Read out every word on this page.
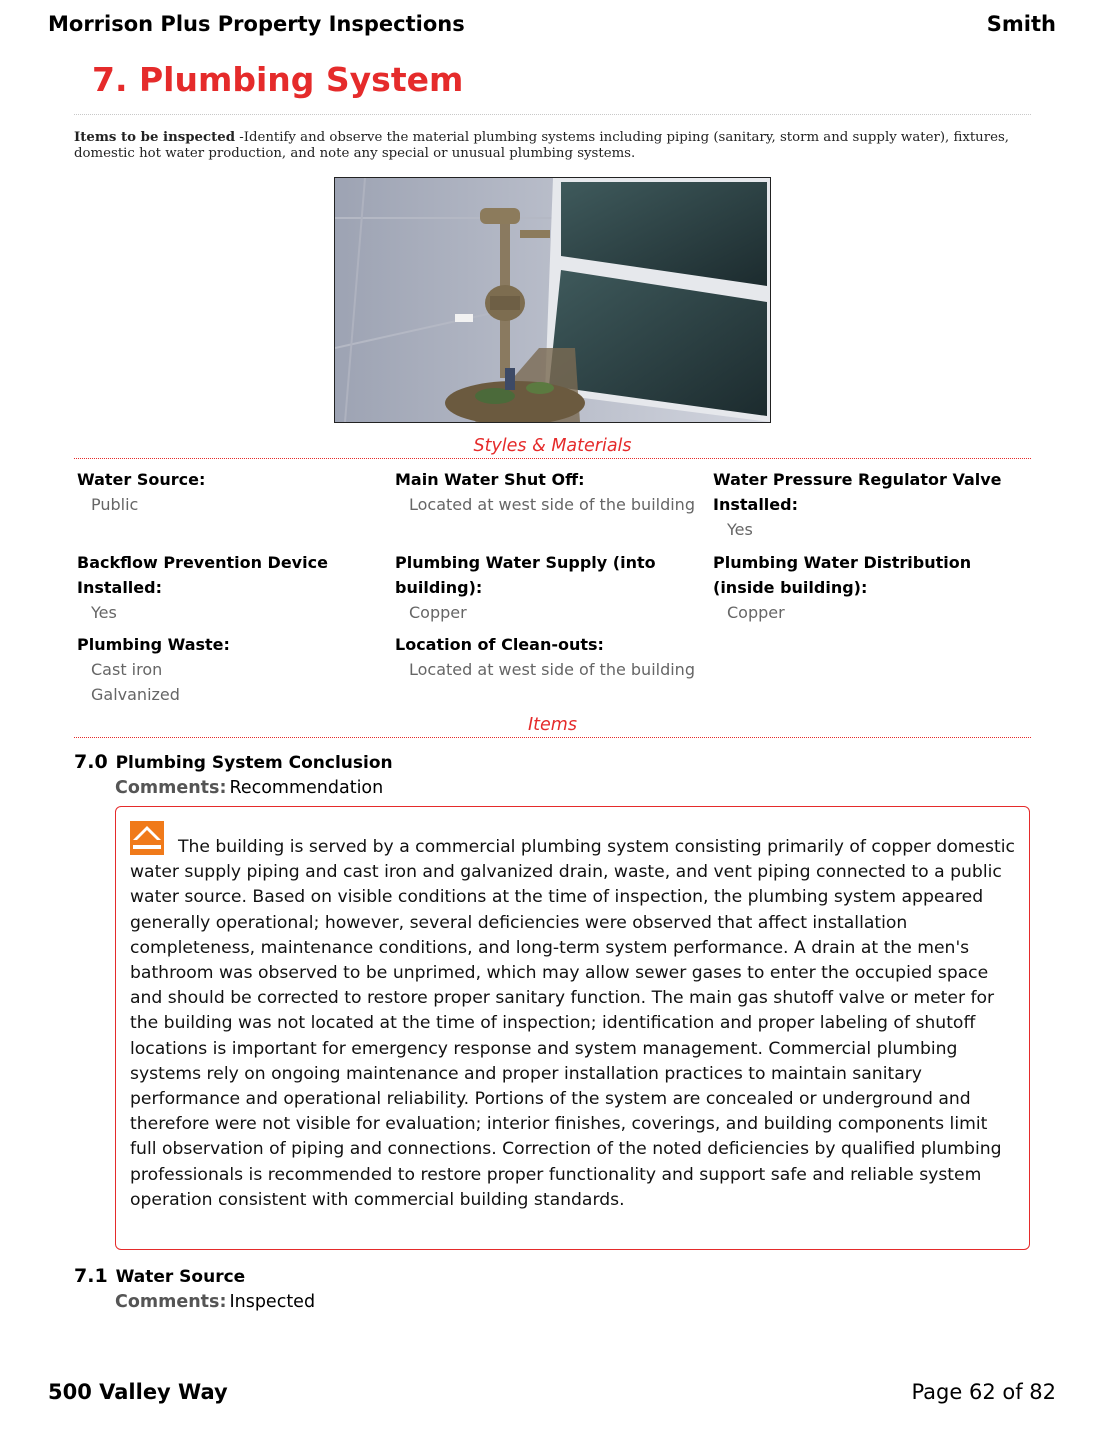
Morrison Plus Property Inspections	Smith
7. Plumbing System
Items to be inspected -Identify and observe the material plumbing systems including piping (sanitary, storm and supply water), fixtures, domestic hot water production, and note any special or unusual plumbing systems.
Styles & Materials
Water Source:
Public
Main Water Shut Off:
Located at west side of the building
Water Pressure Regulator Valve Installed:
Yes
Backflow Prevention Device Installed:
Yes
Plumbing Water Supply (into building):
Copper
Plumbing Water Distribution (inside building):
Copper
Plumbing Waste:
Cast iron
Galvanized
Location of Clean-outs:
Located at west side of the building
Items
7.0 Plumbing System Conclusion
Comments: Recommendation
The building is served by a commercial plumbing system consisting primarily of copper domestic water supply piping and cast iron and galvanized drain, waste, and vent piping connected to a public water source. Based on visible conditions at the time of inspection, the plumbing system appeared generally operational; however, several deficiencies were observed that affect installation completeness, maintenance conditions, and long-term system performance. A drain at the men's bathroom was observed to be unprimed, which may allow sewer gases to enter the occupied space and should be corrected to restore proper sanitary function. The main gas shutoff valve or meter for the building was not located at the time of inspection; identification and proper labeling of shutoff locations is important for emergency response and system management. Commercial plumbing systems rely on ongoing maintenance and proper installation practices to maintain sanitary performance and operational reliability. Portions of the system are concealed or underground and therefore were not visible for evaluation; interior finishes, coverings, and building components limit full observation of piping and connections. Correction of the noted deficiencies by qualified plumbing professionals is recommended to restore proper functionality and support safe and reliable system operation consistent with commercial building standards.
7.1 Water Source
Comments: Inspected
500 Valley Way	Page 62 of 82
